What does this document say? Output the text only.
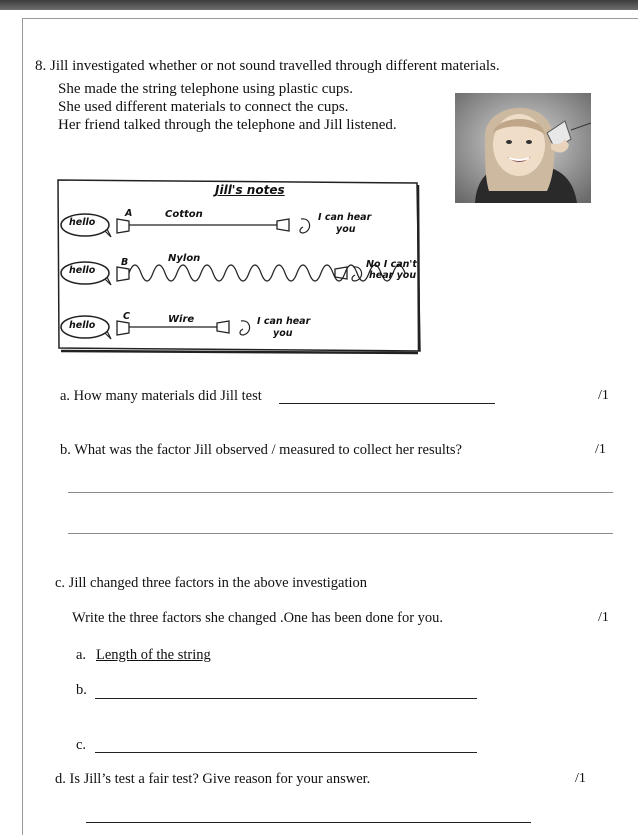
8. Jill investigated whether or not sound travelled through different materials.
She made the string telephone using plastic cups.
She used different materials to connect the cups.
Her friend talked through the telephone and Jill listened.
Jill's notes
hello
A	Cotton	I can hear
you
hello
B	Nylon
No I can't
hear you
hello
C	Wire	I can hear
you
a. How many materials did Jill test	/1
b. What was the factor Jill observed / measured to collect her results?	/1
c. Jill changed three factors in the above investigation
Write the three factors she changed .One has been done for you.	/1
a. Length of the string
b.
c.
d. Is Jill’s test a fair test? Give reason for your answer.	/1
